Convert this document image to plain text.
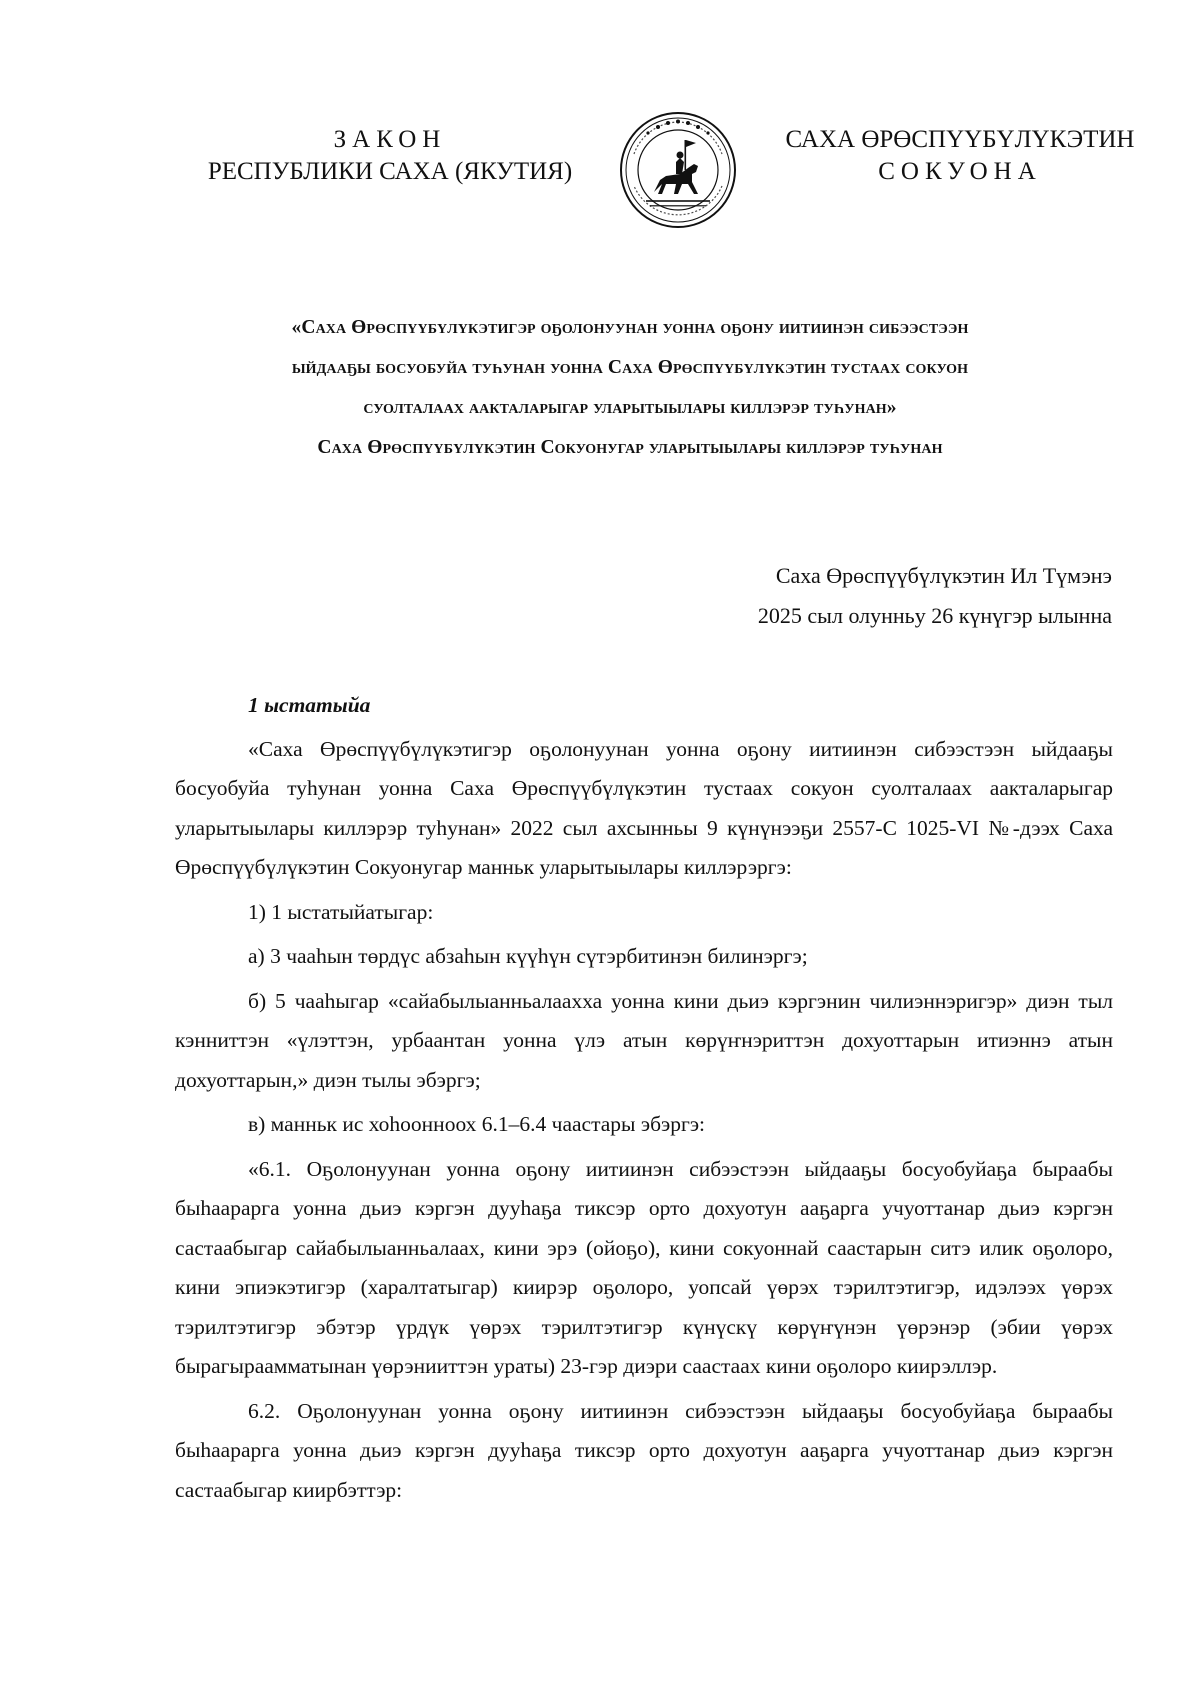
ЗАКОН
РЕСПУБЛИКИ САХА (ЯКУТИЯ)
САХА ӨРӨСПҮҮБҮЛҮКЭТИН
СОКУОНА
«Саха Өрөспүүбүлүкэтигэр оҕолонуунан уонна оҕону иитиинэн сибээстээн
ыйдааҕы босуобуйа туһунан уонна Саха Өрөспүүбүлүкэтин тустаах сокуон
суолталаах аакталарыгар уларытыылары киллэрэр туһунан»
Саха Өрөспүүбүлүкэтин Сокуонугар уларытыылары киллэрэр туһунан
Саха Өрөспүүбүлүкэтин Ил Түмэнэ
2025 сыл олунньу 26 күнүгэр ылынна
1 ыстатыйа

«Саха Өрөспүүбүлүкэтигэр оҕолонуунан уонна оҕону иитиинэн сибээстээн ыйдааҕы босуобуйа туһунан уонна Саха Өрөспүүбүлүкэтин тустаах сокуон суолталаах аакталарыгар уларытыылары киллэрэр туһунан» 2022 сыл ахсынньы 9 күнүнээҕи 2557-С 1025-VI №-дээх Саха Өрөспүүбүлүкэтин Сокуонугар манньк уларытыылары киллэрэргэ:

1) 1 ыстатыйатыгар:

а) 3 чааһын төрдүс абзаһын күүһүн сүтэрбитинэн билинэргэ;

б) 5 чааһыгар «сайабылыанньалаахха уонна кини дьиэ кэргэнин чилиэннэригэр» диэн тыл кэнниттэн «үлэттэн, урбаантан уонна үлэ атын көрүҥнэриттэн дохуоттарын итиэннэ атын дохуоттарын,» диэн тылы эбэргэ;

в) манньк ис хоһоонноох 6.1–6.4 чаастары эбэргэ:

«6.1. Оҕолонуунан уонна оҕону иитиинэн сибээстээн ыйдааҕы босуобуйаҕа быраабы быһаарарга уонна дьиэ кэргэн дууһаҕа тиксэр орто дохуотун ааҕарга учуоттанар дьиэ кэргэн састаабыгар сайабылыанньалаах, кини эрэ (ойоҕо), кини сокуоннай саастарын ситэ илик оҕолоро, кини эпиэкэтигэр (харалтатыгар) киирэр оҕолоро, уопсай үөрэх тэрилтэтигэр, идэлээх үөрэх тэрилтэтигэр эбэтэр үрдүк үөрэх тэрилтэтигэр күнүскү көрүҥүнэн үөрэнэр (эбии үөрэх бырагыраамматынан үөрэнииттэн ураты) 23-гэр диэри саастаах кини оҕолоро киирэллэр.

6.2. Оҕолонуунан уонна оҕону иитиинэн сибээстээн ыйдааҕы босуобуйаҕа быраабы быһаарарга уонна дьиэ кэргэн дууһаҕа тиксэр орто дохуотун ааҕарга учуоттанар дьиэ кэргэн састаабыгар киирбэттэр:
